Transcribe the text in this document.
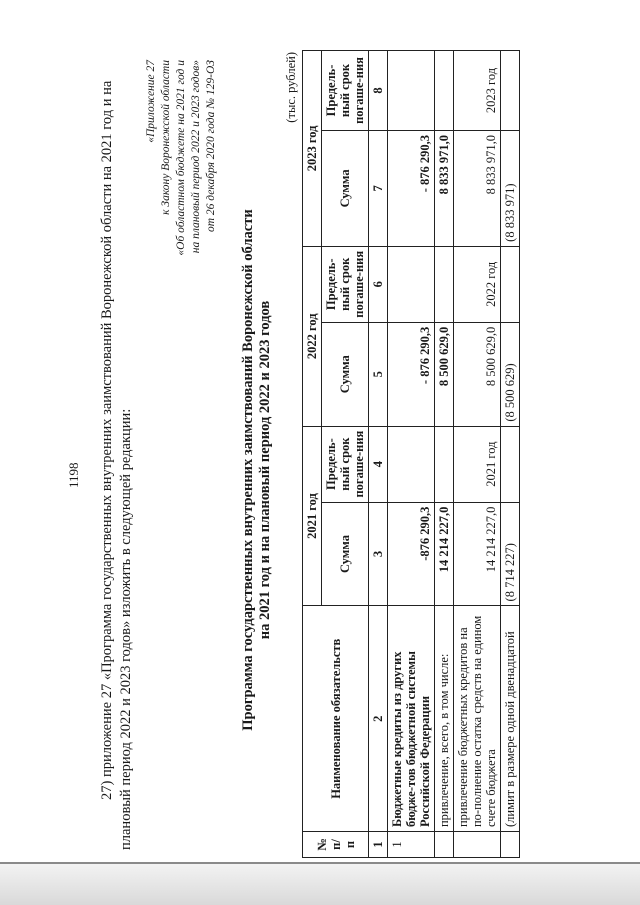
1198 27) приложение 27 «Программа государственных внутренних заимствований Воронежской области на 2021 год и на плановый период 2022 и 2023 годов» изложить в следующей редакции:

«Приложение 27 к Закону Воронежской области «Об областном бюджете на 2021 год и на плановый период 2022 и 2023 годов» от 26 декабря 2020 года № 129-ОЗ
Программа государственных внутренних заимствований Воронежской области на 2021 год и на плановый период 2022 и 2023 годов
(тыс. рублей)
№ п/п	Наименование обязательств	2021 год		2022 год		2023 год	
		Сумма	Предель-ный срок погаше-ния	Сумма	Предель-ный срок погаше-ния	Сумма	Предель-ный срок погаше-ния
1	2	3	4	5	6	7	8
1	Бюджетные кредиты из других бюдже-тов бюджетной системы Российской Федерации	-876 290,3		- 876 290,3		- 876 290,3	
	привлечение, всего, в том числе:	14 214 227,0		8 500 629,0		8 833 971,0	
	привлечение бюджетных кредитов на по-полнение остатка средств на едином счете бюджета	14 214 227,0	2021 год	8 500 629,0	2022 год	8 833 971,0	2023 год
	(лимит в размере одной двенадцатой	(8 714 227)		(8 500 629)		(8 833 971)	
